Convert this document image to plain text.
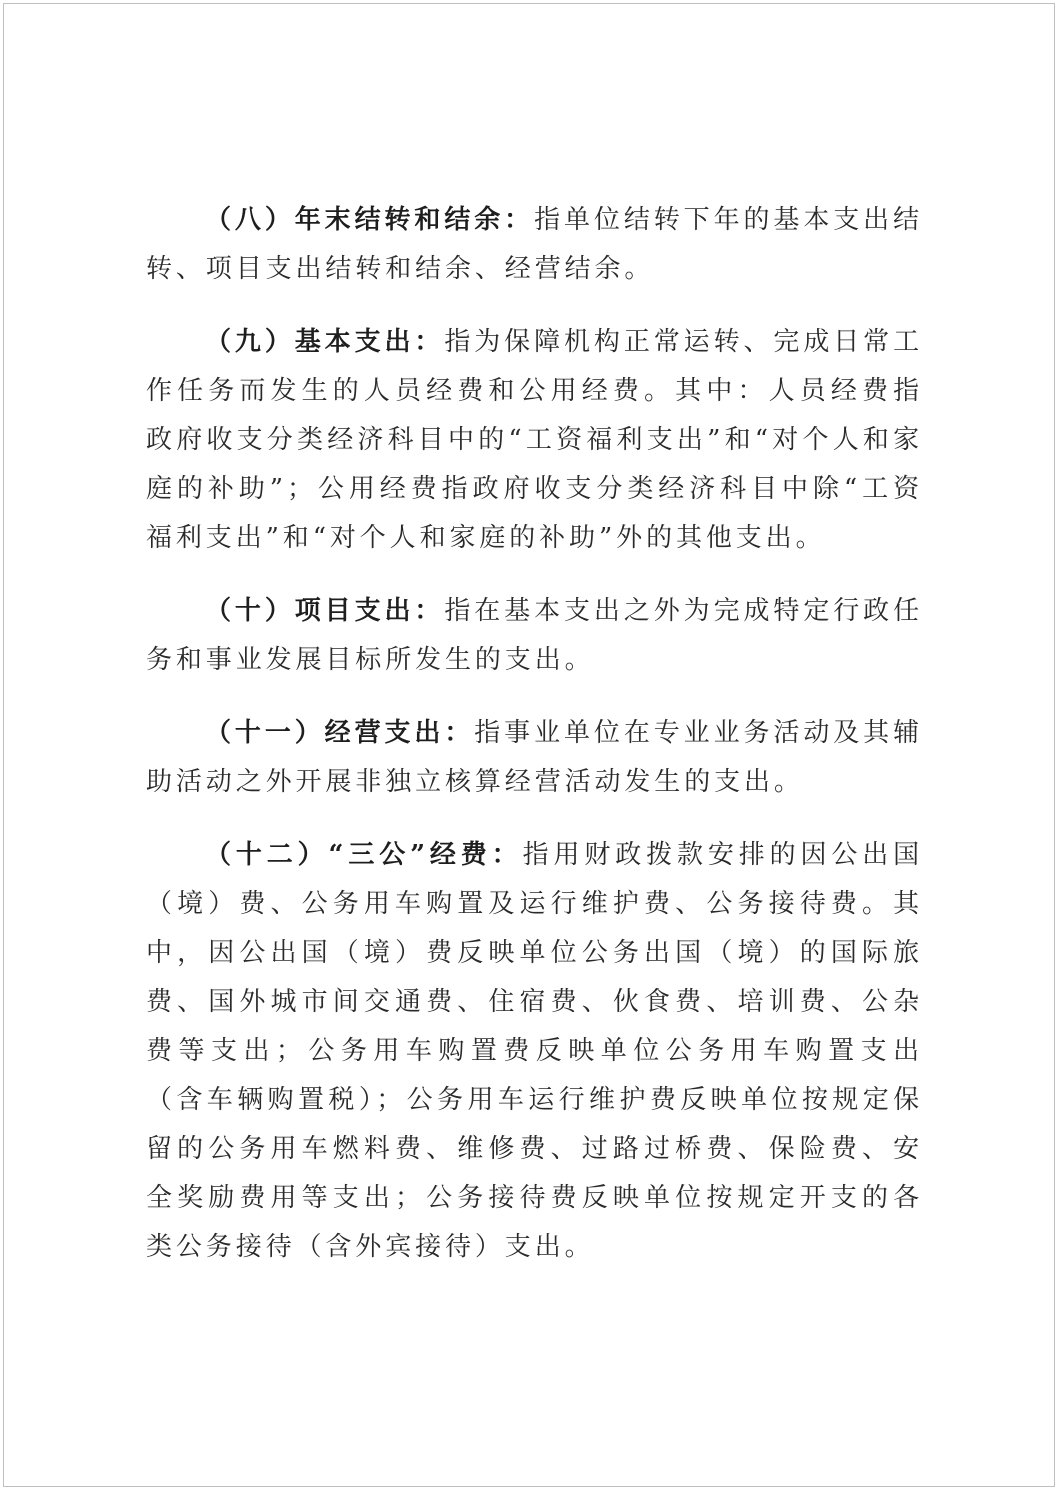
（八）年末结转和结余：指单位结转下年的基本支出结转、项目支出结转和结余、经营结余。

（九）基本支出：指为保障机构正常运转、完成日常工作任务而发生的人员经费和公用经费。其中：人员经费指政府收支分类经济科目中的“工资福利支出”和“对个人和家庭的补助”；公用经费指政府收支分类经济科目中除“工资福利支出”和“对个人和家庭的补助”外的其他支出。

（十）项目支出：指在基本支出之外为完成特定行政任务和事业发展目标所发生的支出。

（十一）经营支出：指事业单位在专业业务活动及其辅助活动之外开展非独立核算经营活动发生的支出。

（十二）“三公”经费：指用财政拨款安排的因公出国（境）费、公务用车购置及运行维护费、公务接待费。其中，因公出国（境）费反映单位公务出国（境）的国际旅费、国外城市间交通费、住宿费、伙食费、培训费、公杂费等支出；公务用车购置费反映单位公务用车购置支出（含车辆购置税）；公务用车运行维护费反映单位按规定保留的公务用车燃料费、维修费、过路过桥费、保险费、安全奖励费用等支出；公务接待费反映单位按规定开支的各类公务接待（含外宾接待）支出。
